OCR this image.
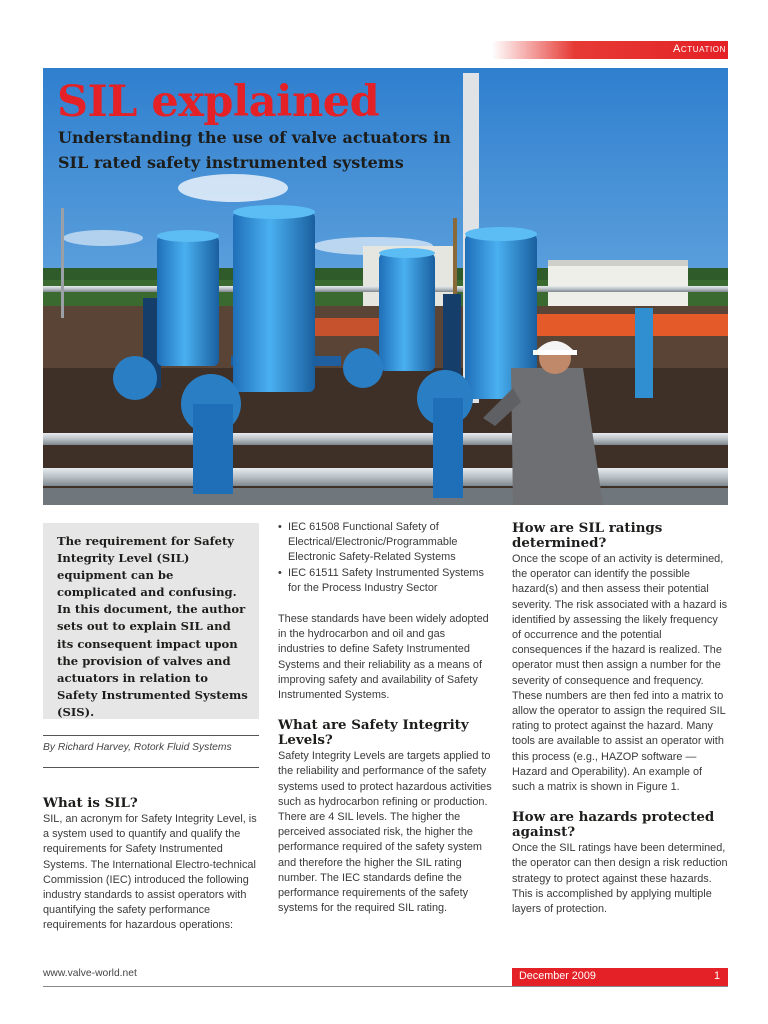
Actuation
SIL explained

Understanding the use of valve actuators in SIL rated safety instrumented systems

The requirement for Safety Integrity Level (SIL) equipment can be complicated and confusing. In this document, the author sets out to explain SIL and its consequent impact upon the provision of valves and actuators in relation to Safety Instrumented Systems (SIS).

By Richard Harvey, Rotork Fluid Systems

What is SIL?

SIL, an acronym for Safety Integrity Level, is a system used to quantify and qualify the requirements for Safety Instrumented Systems. The International Electro-technical Commission (IEC) introduced the following industry standards to assist operators with quantifying the safety performance requirements for hazardous operations:

• IEC 61508 Functional Safety of Electrical/Electronic/Programmable Electronic Safety-Related Systems
• IEC 61511 Safety Instrumented Systems for the Process Industry Sector

These standards have been widely adopted in the hydrocarbon and oil and gas industries to define Safety Instrumented Systems and their reliability as a means of improving safety and availability of Safety Instrumented Systems.

What are Safety Integrity Levels?

Safety Integrity Levels are targets applied to the reliability and performance of the safety systems used to protect hazardous activities such as hydrocarbon refining or production. There are 4 SIL levels. The higher the perceived associated risk, the higher the performance required of the safety system and therefore the higher the SIL rating number. The IEC standards define the performance requirements of the safety systems for the required SIL rating.

How are SIL ratings determined?

Once the scope of an activity is determined, the operator can identify the possible hazard(s) and then assess their potential severity. The risk associated with a hazard is identified by assessing the likely frequency of occurrence and the potential consequences if the hazard is realized. The operator must then assign a number for the severity of consequence and frequency.

These numbers are then fed into a matrix to allow the operator to assign the required SIL rating to protect against the hazard. Many tools are available to assist an operator with this process (e.g., HAZOP software — Hazard and Operability). An example of such a matrix is shown in Figure 1.

How are hazards protected against?

Once the SIL ratings have been determined, the operator can then design a risk reduction strategy to protect against these hazards. This is accomplished by applying multiple layers of protection.

www.valve-world.net	December 2009	1
